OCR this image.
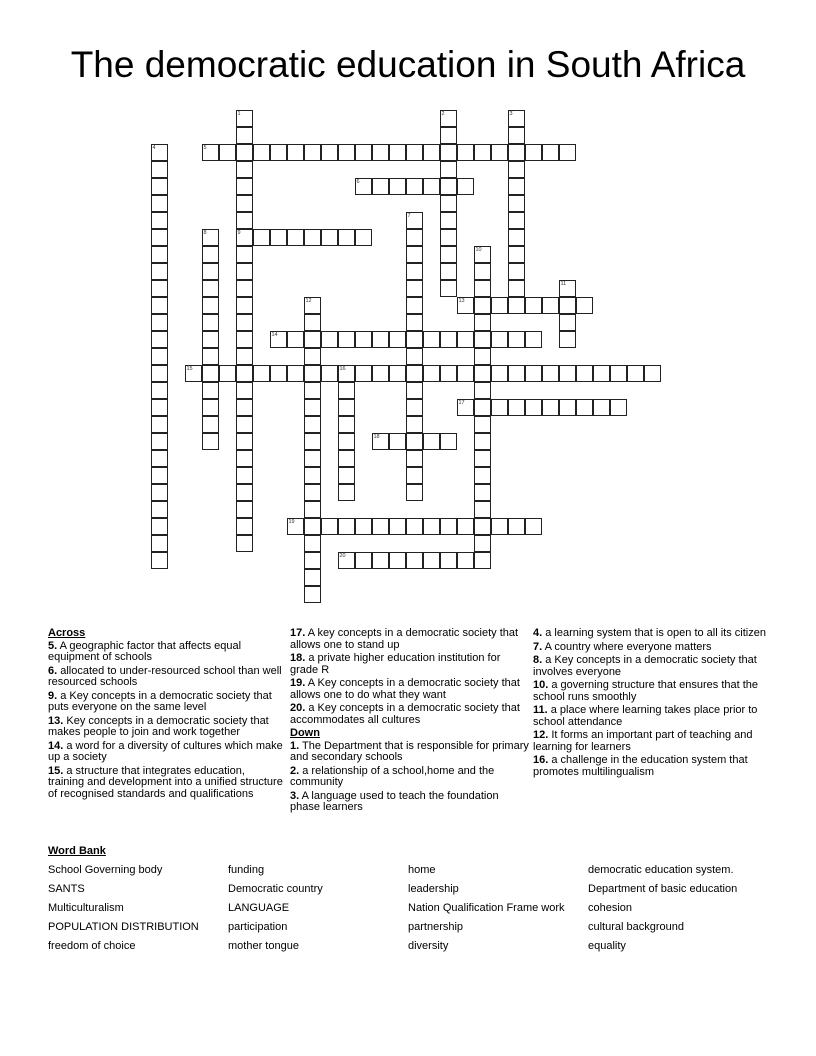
The democratic education in South Africa
1
9
2	3
4	5
6
7
8
10
11
12	13
14
15	16
17
18
19
20
Across
5. A geographic factor that affects equal equipment of schools
6. allocated to under-resourced school than well resourced schools
9. a Key concepts in a democratic society that puts everyone on the same level
13. Key concepts in a democratic society that makes people to join and work together
14. a word for a diversity of cultures which make up a society
15. a structure that integrates education, training and development into a unified structure of recognised standards and qualifications
17. A key concepts in a democratic society that allows one to stand up
18. a private higher education institution for grade R
19. A Key concepts in a democratic society that allows one to do what they want
20. a Key concepts in a democratic society that accommodates all cultures
Down
1. The Department that is responsible for primary and secondary schools
2. a relationship of a school,home and the community
3. A language used to teach the foundation phase learners
4. a learning system that is open to all its citizen
7. A country where everyone matters
8. a Key concepts in a democratic society that involves everyone
10. a governing structure that ensures that the school runs smoothly
11. a place where learning takes place prior to school attendance
12. It forms an important part of teaching and learning for learners
16. a challenge in the education system that promotes multilingualism
Word Bank
School Governing body	funding	home	democratic education system.
SANTS	Democratic country	leadership	Department of basic education
Multiculturalism	LANGUAGE	Nation Qualification Frame work	cohesion
POPULATION DISTRIBUTION	participation	partnership	cultural background
freedom of choice	mother tongue	diversity	equality
